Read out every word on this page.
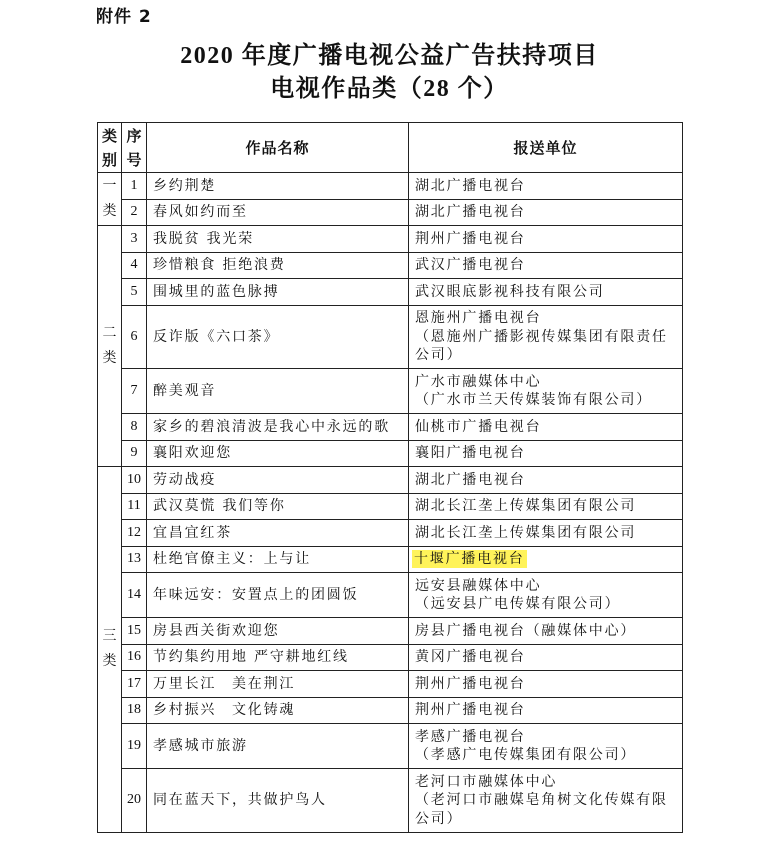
附件 2
2020 年度广播电视公益广告扶持项目
电视作品类（28 个）
类别	序号	作品名称	报送单位

一类	1	乡约荆楚	湖北广播电视台

	2	春风如约而至	湖北广播电视台

二类	3	我脱贫 我光荣	荆州广播电视台

	4	珍惜粮食 拒绝浪费	武汉广播电视台

	5	围城里的蓝色脉搏	武汉眼底影视科技有限公司

	6	反诈版《六口茶》	恩施州广播电视台
（恩施州广播影视传媒集团有限责任公司）

	7	醉美观音	广水市融媒体中心
（广水市兰天传媒装饰有限公司）

	8	家乡的碧浪清波是我心中永远的歌	仙桃市广播电视台

	9	襄阳欢迎您	襄阳广播电视台

三类	10	劳动战疫	湖北广播电视台

	11	武汉莫慌 我们等你	湖北长江垄上传媒集团有限公司

	12	宜昌宜红茶	湖北长江垄上传媒集团有限公司

	13	杜绝官僚主义：上与让	十堰广播电视台

	14	年味远安：安置点上的团圆饭	远安县融媒体中心
（远安县广电传媒有限公司）

	15	房县西关街欢迎您	房县广播电视台（融媒体中心）

	16	节约集约用地 严守耕地红线	黄冈广播电视台

	17	万里长江　美在荆江	荆州广播电视台

	18	乡村振兴　文化铸魂	荆州广播电视台

	19	孝感城市旅游	孝感广播电视台
（孝感广电传媒集团有限公司）

	20	同在蓝天下，共做护鸟人	老河口市融媒体中心
（老河口市融媒皂角树文化传媒有限公司）
